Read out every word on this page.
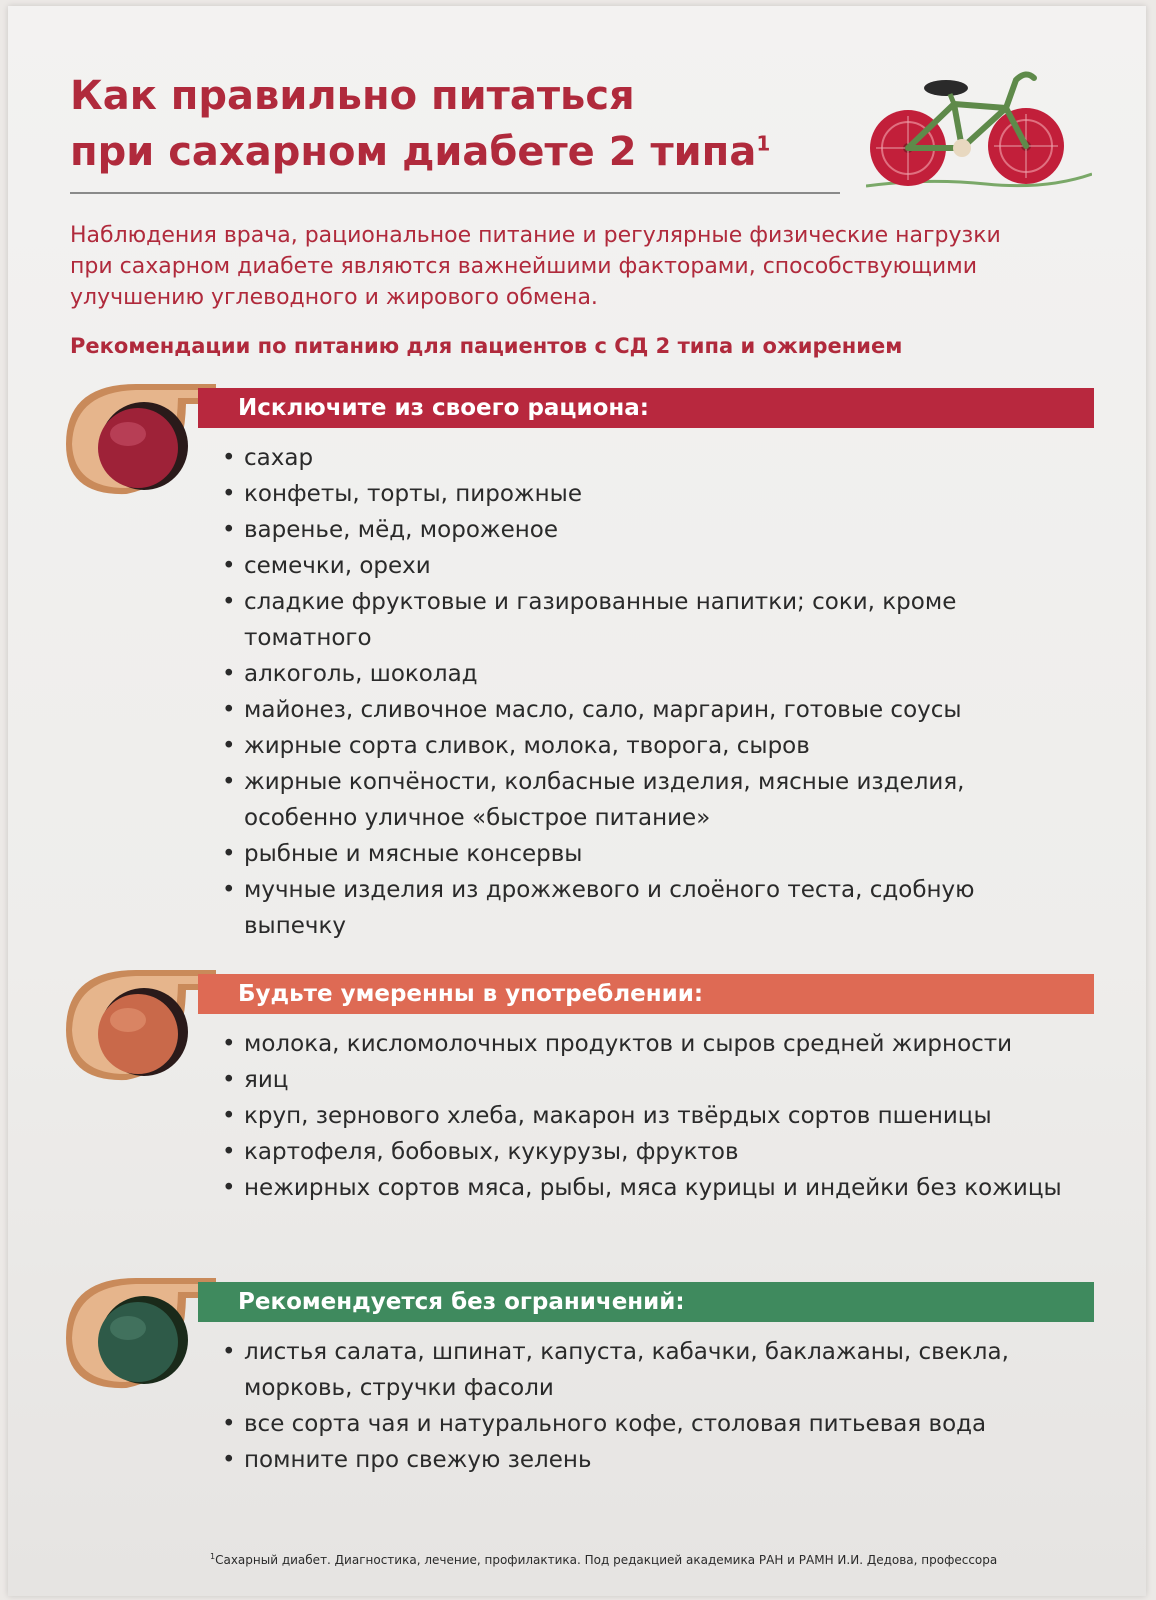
Как правильно питаться
при сахарном диабете 2 типа$^1$
Наблюдения врача, рациональное питание и регулярные физические нагрузки при сахарном диабете являются важнейшими факторами, способствующими улучшению углеводного и жирового обмена.
Рекомендации по питанию для пациентов с СД 2 типа и ожирением
Исключите из своего рациона:
• сахар
• конфеты, торты, пирожные
• варенье, мёд, мороженое
• семечки, орехи
• сладкие фруктовые и газированные напитки; соки, кроме томатного
• алкоголь, шоколад
• майонез, сливочное масло, сало, маргарин, готовые соусы
• жирные сорта сливок, молока, творога, сыров
• жирные копчёности, колбасные изделия, мясные изделия, особенно уличное «быстрое питание»
• рыбные и мясные консервы
• мучные изделия из дрожжевого и слоёного теста, сдобную выпечку
Будьте умеренны в употреблении:
• молока, кисломолочных продуктов и сыров средней жирности
• яиц
• круп, зернового хлеба, макарон из твёрдых сортов пшеницы
• картофеля, бобовых, кукурузы, фруктов
• нежирных сортов мяса, рыбы, мяса курицы и индейки без кожицы
Рекомендуется без ограничений:
• листья салата, шпинат, капуста, кабачки, баклажаны, свекла, морковь, стручки фасоли
• все сорта чая и натурального кофе, столовая питьевая вода
• помните про свежую зелень
$^1$Сахарный диабет. Диагностика, лечение, профилактика. Под редакцией академика РАН и РАМН И.И. Дедова, профессора
